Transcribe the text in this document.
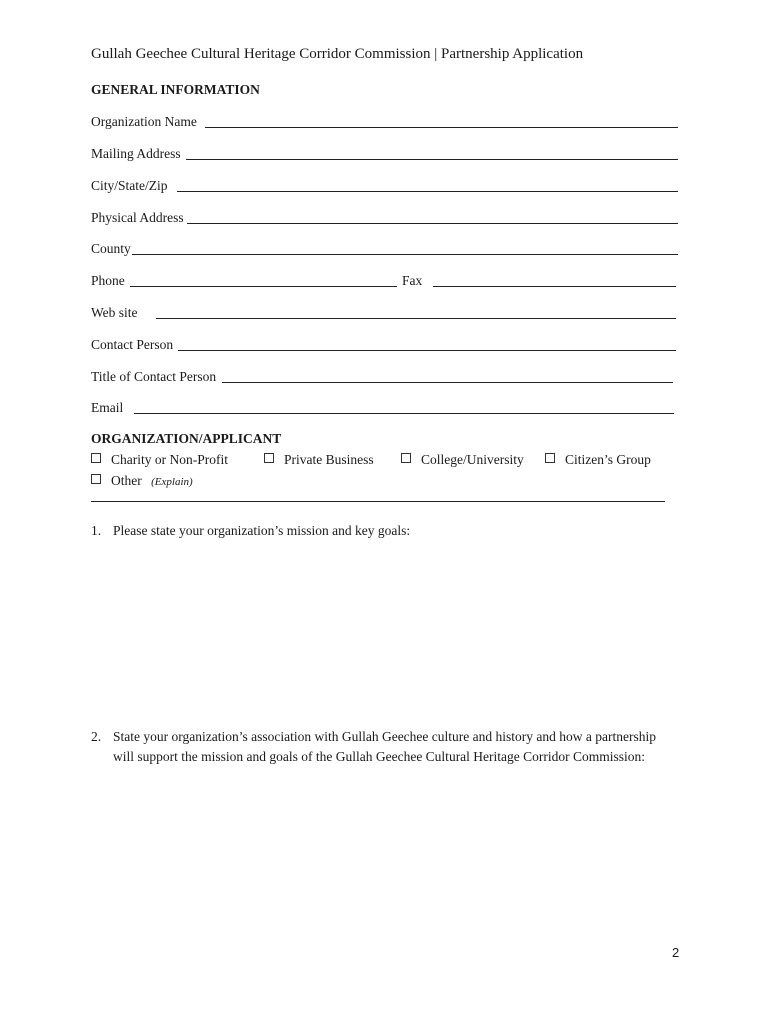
Gullah Geechee Cultural Heritage Corridor Commission | Partnership Application
GENERAL INFORMATION
Organization Name
Mailing Address
City/State/Zip
Physical Address
County
Phone	Fax
Web site
Contact Person
Title of Contact Person
Email
ORGANIZATION/APPLICANT
Charity or Non-Profit	Private Business	College/University	Citizen’s Group
Other (Explain)
1. Please state your organization’s mission and key goals:
2. State your organization’s association with Gullah Geechee culture and history and how a partnership
will support the mission and goals of the Gullah Geechee Cultural Heritage Corridor Commission:
2
